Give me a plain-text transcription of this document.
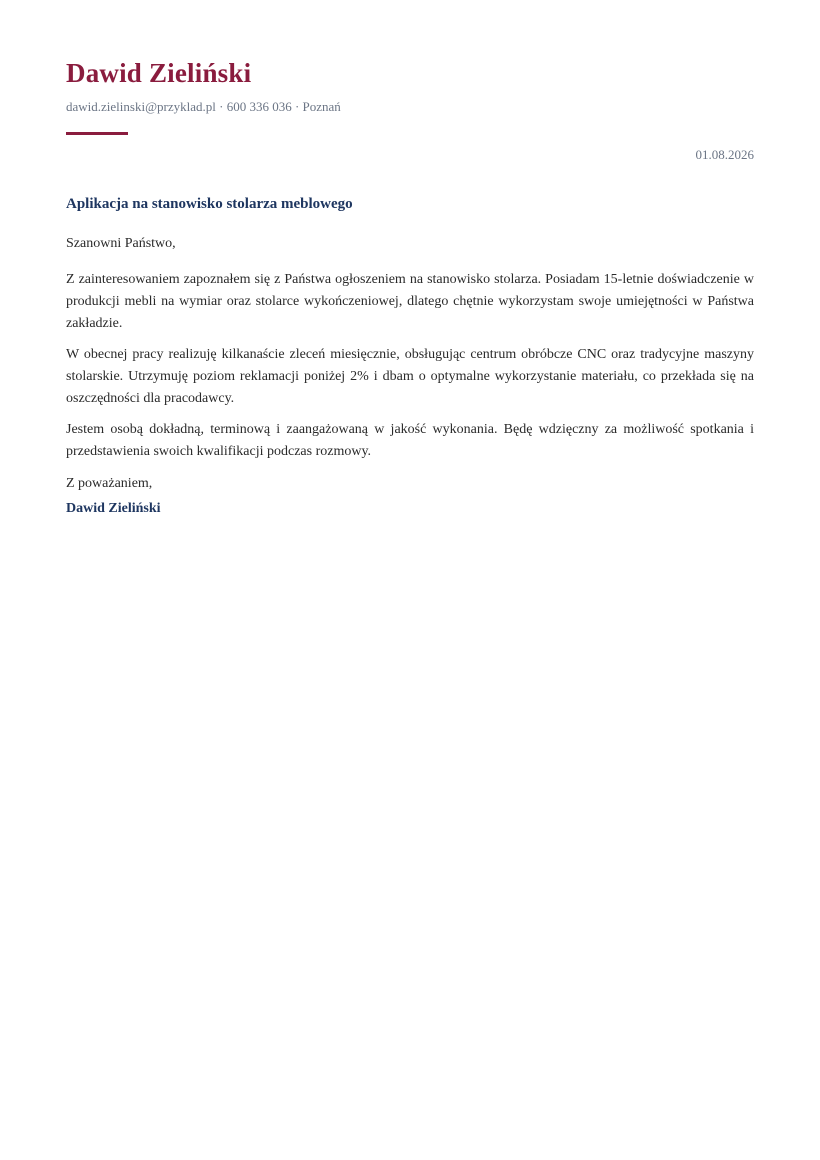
Dawid Zieliński
dawid.zielinski@przyklad.pl · 600 336 036 · Poznań
01.08.2026
Aplikacja na stanowisko stolarza meblowego
Szanowni Państwo,

Z zainteresowaniem zapoznałem się z Państwa ogłoszeniem na stanowisko stolarza. Posiadam 15-letnie doświadczenie w produkcji mebli na wymiar oraz stolarce wykończeniowej, dlatego chętnie wykorzystam swoje umiejętności w Państwa zakładzie.

W obecnej pracy realizuję kilkanaście zleceń miesięcznie, obsługując centrum obróbcze CNC oraz tradycyjne maszyny stolarskie. Utrzymuję poziom reklamacji poniżej 2% i dbam o optymalne wykorzystanie materiału, co przekłada się na oszczędności dla pracodawcy.

Jestem osobą dokładną, terminową i zaangażowaną w jakość wykonania. Będę wdzięczny za możliwość spotkania i przedstawienia swoich kwalifikacji podczas rozmowy.

Z poważaniem,
Dawid Zieliński
